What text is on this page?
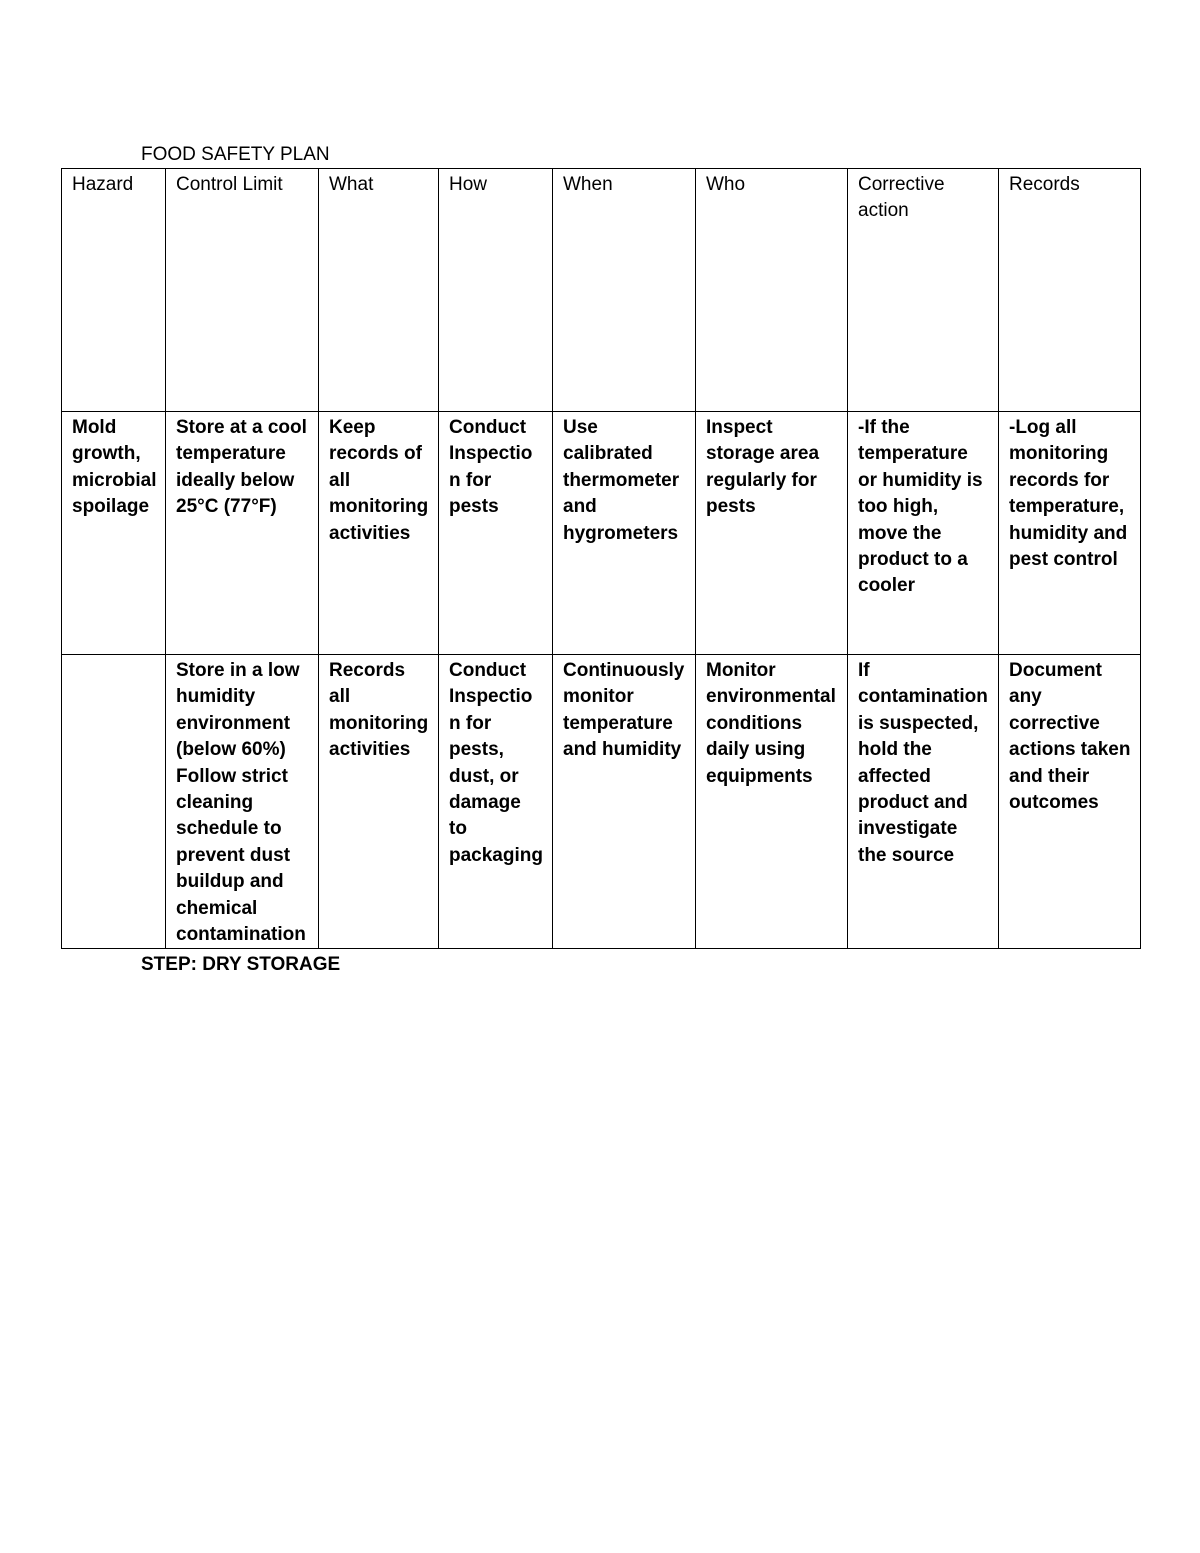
FOOD SAFETY PLAN
Hazard	Control Limit	What	How	When	Who	Corrective action	Records
Mold growth, microbial spoilage	Store at a cool temperature ideally below 25°C (77°F)	Keep records of all monitoring activities	Conduct Inspectio n for pests	Use calibrated thermometer and hygrometers	Inspect storage area regularly for pests	-If the temperature or humidity is too high, move the product to a cooler	-Log all monitoring records for temperature, humidity and pest control
	Store in a low humidity environment (below 60%) Follow strict cleaning schedule to prevent dust buildup and chemical contamination	Records all monitoring activities	Conduct Inspectio n for pests, dust, or damage to packaging	Continuously monitor temperature and humidity	Monitor environmental conditions daily using equipments	If contamination is suspected, hold the affected product and investigate the source	Document any corrective actions taken and their outcomes
STEP: DRY STORAGE
